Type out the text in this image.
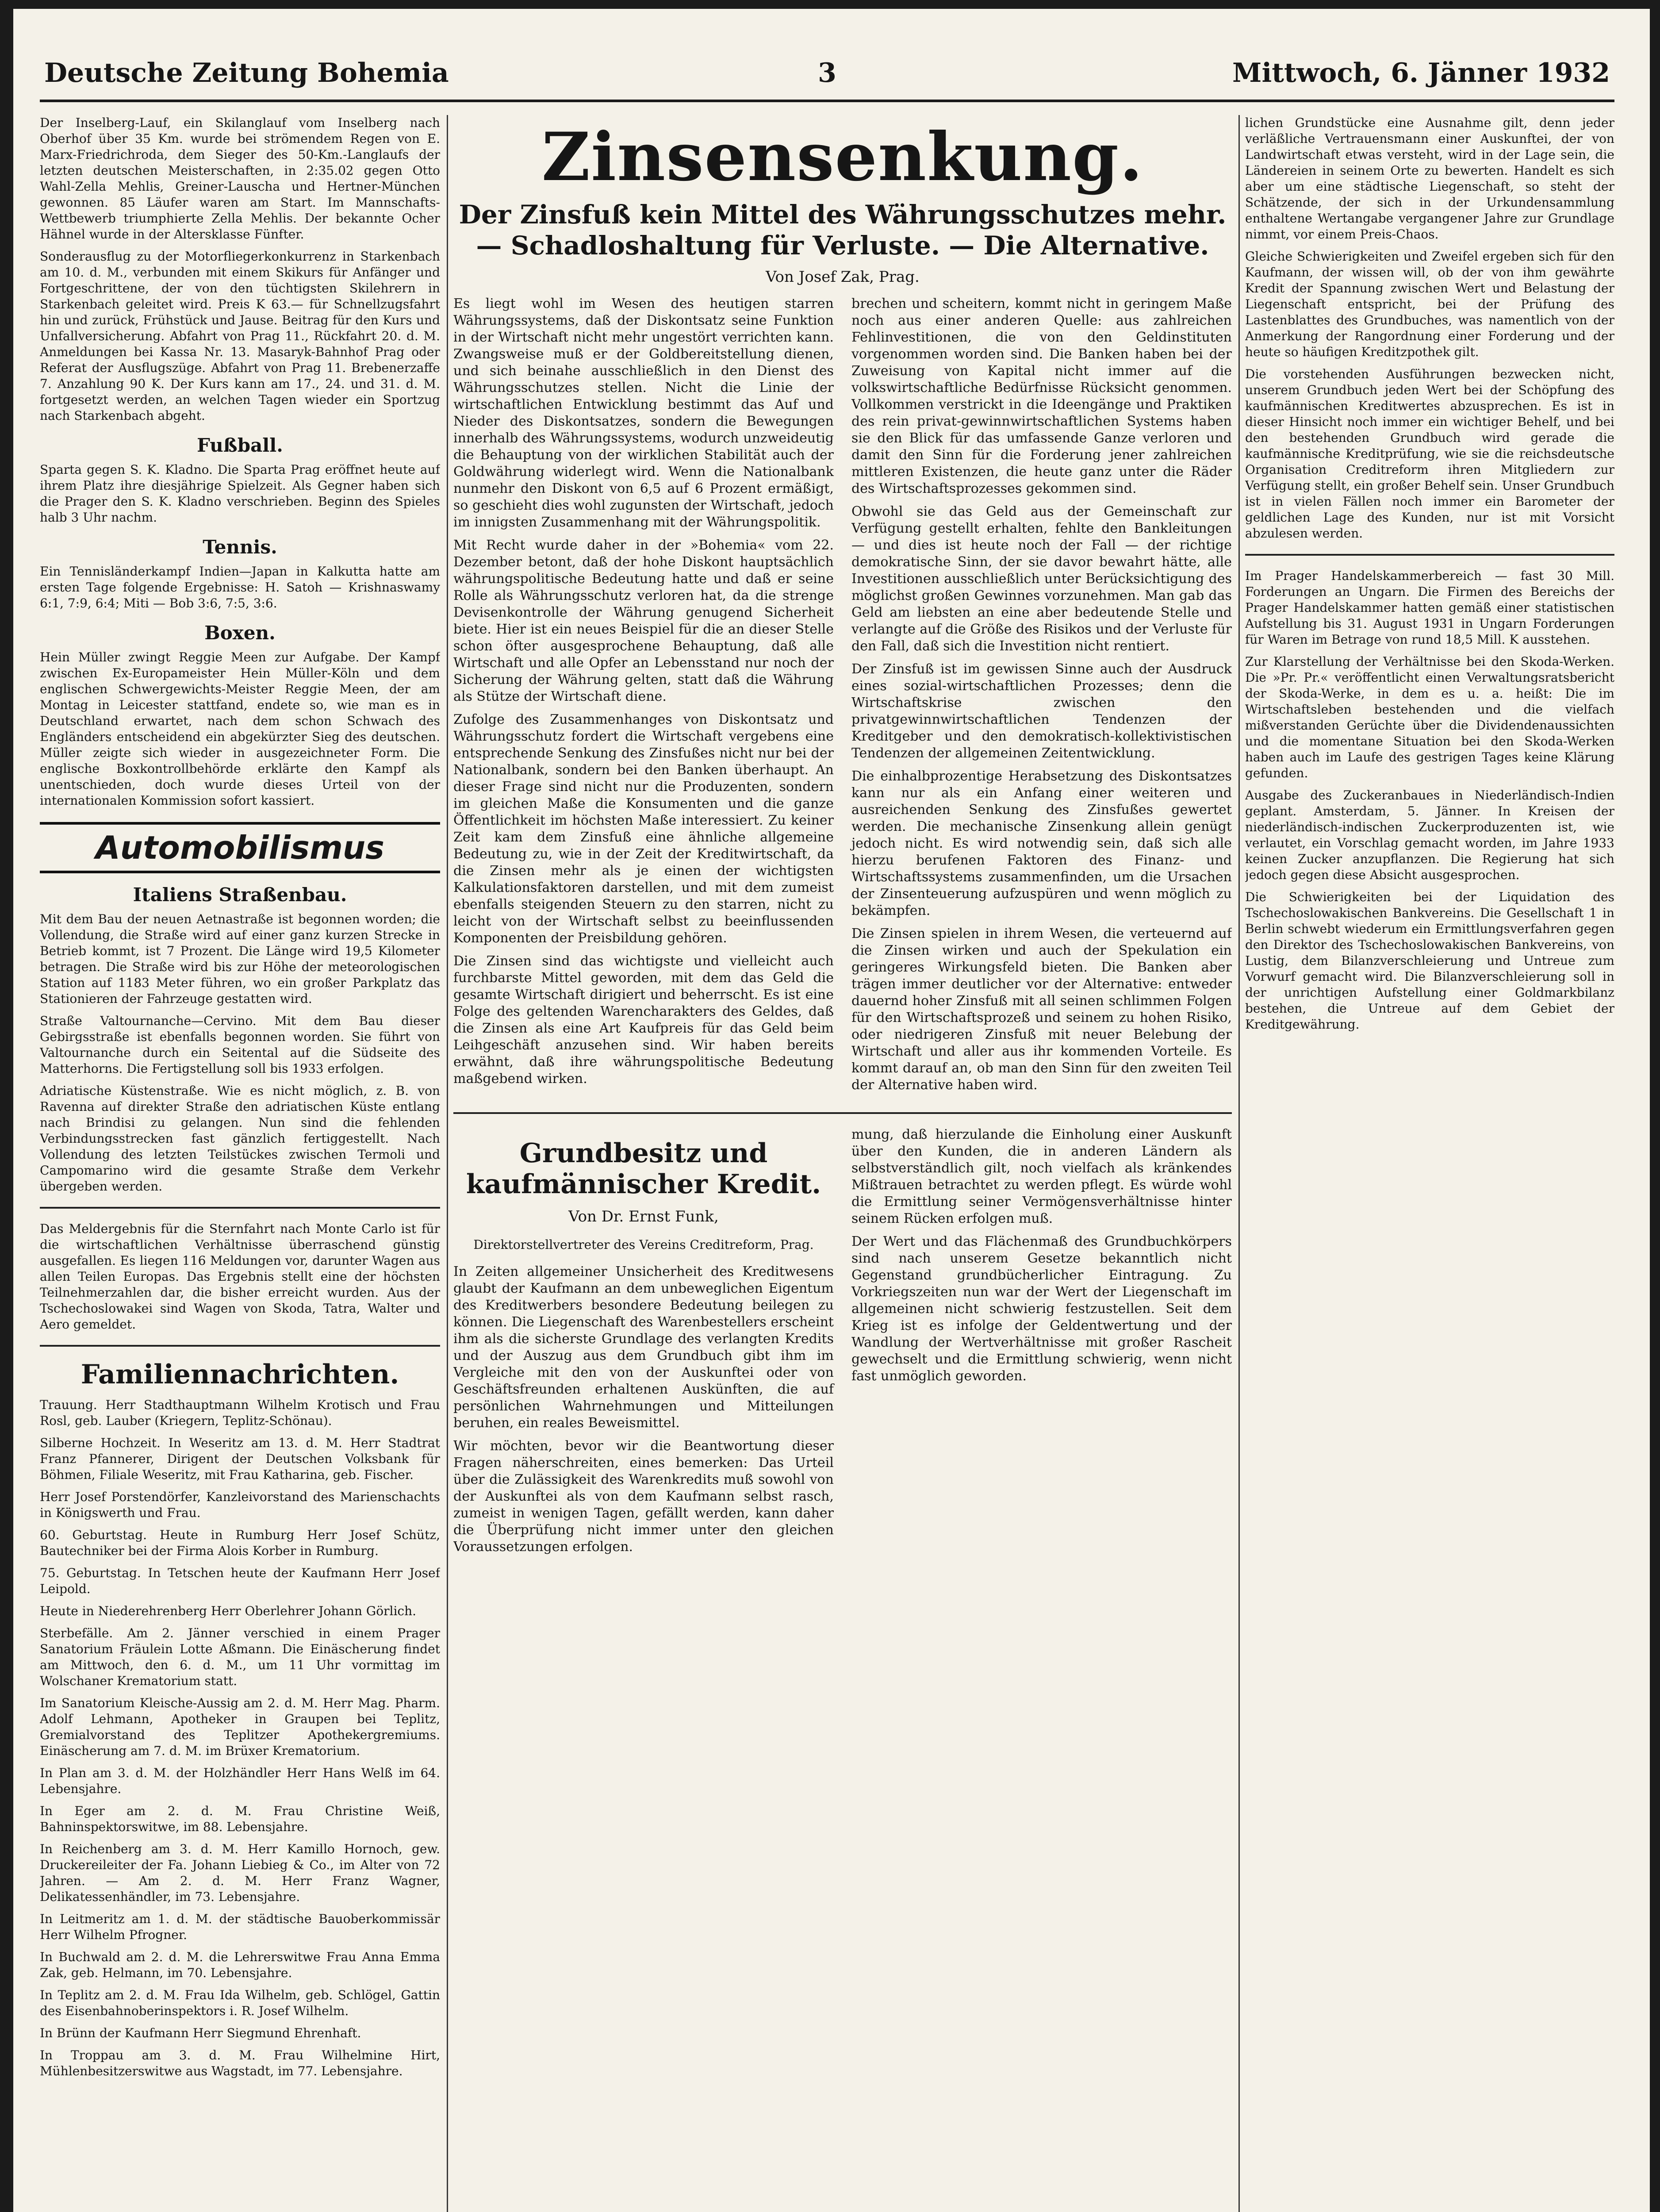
Deutsche Zeitung Bohemia	3	Mittwoch, 6. Jänner 1932

Der Inselberg-Lauf, ein Skilanglauf vom Inselberg nach Oberhof über 35 Km. wurde bei strömendem Regen von E. Marx-Friedrichroda, dem Sieger des 50-Km.-Langlaufs der letzten deutschen Meisterschaften, in 2:35.02 gegen Otto Wahl-Zella Mehlis, Greiner-Lauscha und Hertner-München gewonnen. 85 Läufer waren am Start. Im Mannschafts-Wettbewerb triumphierte Zella Mehlis. Der bekannte Ocher Hähnel wurde in der Altersklasse Fünfter.

Sonderausflug zu der Motorfliegerkonkurrenz in Starkenbach am 10. d. M., verbunden mit einem Skikurs für Anfänger und Fortgeschrittene, der von den tüchtigsten Skilehrern in Starkenbach geleitet wird. Preis K 63.— für Schnellzugsfahrt hin und zurück, Frühstück und Jause. Beitrag für den Kurs und Unfallversicherung. Abfahrt von Prag 11., Rückfahrt 20. d. M. Anmeldungen bei Kassa Nr. 13. Masaryk-Bahnhof Prag oder Referat der Ausflugszüge. Abfahrt von Prag 11. Brebenerzaffe 7. Anzahlung 90 K. Der Kurs kann am 17., 24. und 31. d. M. fortgesetzt werden, an welchen Tagen wieder ein Sportzug nach Starkenbach abgeht.

Fußball.

Sparta gegen S. K. Kladno. Die Sparta Prag eröffnet heute auf ihrem Platz ihre diesjährige Spielzeit. Als Gegner haben sich die Prager den S. K. Kladno verschrieben. Beginn des Spieles halb 3 Uhr nachm.

Tennis.

Ein Tennisländerkampf Indien—Japan in Kalkutta hatte am ersten Tage folgende Ergebnisse: H. Satoh — Krishnaswamy 6:1, 7:9, 6:4; Miti — Bob 3:6, 7:5, 3:6.

Boxen.

Hein Müller zwingt Reggie Meen zur Aufgabe. Der Kampf zwischen Ex-Europameister Hein Müller-Köln und dem englischen Schwergewichts-Meister Reggie Meen, der am Montag in Leicester stattfand, endete so, wie man es in Deutschland erwartet, nach dem schon Schwach des Engländers entscheidend ein abgekürzter Sieg des deutschen. Müller zeigte sich wieder in ausgezeichneter Form. Die englische Boxkontrollbehörde erklärte den Kampf als unentschieden, doch wurde dieses Urteil von der internationalen Kommission sofort kassiert.

Automobilismus
Italiens Straßenbau.

Mit dem Bau der neuen Aetnastraße ist begonnen worden; die Vollendung, die Straße wird auf einer ganz kurzen Strecke in Betrieb kommt, ist 7 Prozent. Die Länge wird 19,5 Kilometer betragen. Die Straße wird bis zur Höhe der meteorologischen Station auf 1183 Meter führen, wo ein großer Parkplatz das Stationieren der Fahrzeuge gestatten wird.

Straße Valtournanche—Cervino. Mit dem Bau dieser Gebirgsstraße ist ebenfalls begonnen worden. Sie führt von Valtournanche durch ein Seitental auf die Südseite des Matterhorns. Die Fertigstellung soll bis 1933 erfolgen.

Adriatische Küstenstraße. Wie es nicht möglich, z. B. von Ravenna auf direkter Straße den adriatischen Küste entlang nach Brindisi zu gelangen. Nun sind die fehlenden Verbindungsstrecken fast gänzlich fertiggestellt. Nach Vollendung des letzten Teilstückes zwischen Termoli und Campomarino wird die gesamte Straße dem Verkehr übergeben werden.

Das Meldergebnis für die Sternfahrt nach Monte Carlo ist für die wirtschaftlichen Verhältnisse überraschend günstig ausgefallen. Es liegen 116 Meldungen vor, darunter Wagen aus allen Teilen Europas. Das Ergebnis stellt eine der höchsten Teilnehmerzahlen dar, die bisher erreicht wurden. Aus der Tschechoslowakei sind Wagen von Skoda, Tatra, Walter und Aero gemeldet.

Familiennachrichten.

Trauung. Herr Stadthauptmann Wilhelm Krotisch und Frau Rosl, geb. Lauber (Kriegern, Teplitz-Schönau).

Silberne Hochzeit. In Weseritz am 13. d. M. Herr Stadtrat Franz Pfannerer, Dirigent der Deutschen Volksbank für Böhmen, Filiale Weseritz, mit Frau Katharina, geb. Fischer.

Herr Josef Porstendörfer, Kanzleivorstand des Marienschachts in Königswerth und Frau.

60. Geburtstag. Heute in Rumburg Herr Josef Schütz, Bautechniker bei der Firma Alois Korber in Rumburg.

75. Geburtstag. In Tetschen heute der Kaufmann Herr Josef Leipold.

Heute in Niederehrenberg Herr Oberlehrer Johann Görlich.

Sterbefälle. Am 2. Jänner verschied in einem Prager Sanatorium Fräulein Lotte Aßmann. Die Einäscherung findet am Mittwoch, den 6. d. M., um 11 Uhr vormittag im Wolschaner Krematorium statt.

Im Sanatorium Kleische-Aussig am 2. d. M. Herr Mag. Pharm. Adolf Lehmann, Apotheker in Graupen bei Teplitz, Gremialvorstand des Teplitzer Apothekergremiums. Einäscherung am 7. d. M. im Brüxer Krematorium.

In Plan am 3. d. M. der Holzhändler Herr Hans Welß im 64. Lebensjahre.

In Eger am 2. d. M. Frau Christine Weiß, Bahninspektorswitwe, im 88. Lebensjahre.

In Reichenberg am 3. d. M. Herr Kamillo Hornoch, gew. Druckereileiter der Fa. Johann Liebieg & Co., im Alter von 72 Jahren. — Am 2. d. M. Herr Franz Wagner, Delikatessenhändler, im 73. Lebensjahre.

In Leitmeritz am 1. d. M. der städtische Bauoberkommissär Herr Wilhelm Pfrogner.

In Buchwald am 2. d. M. die Lehrerswitwe Frau Anna Emma Zak, geb. Helmann, im 70. Lebensjahre.

In Teplitz am 2. d. M. Frau Ida Wilhelm, geb. Schlögel, Gattin des Eisenbahnoberinspektors i. R. Josef Wilhelm.

In Brünn der Kaufmann Herr Siegmund Ehrenhaft.

In Troppau am 3. d. M. Frau Wilhelmine Hirt, Mühlenbesitzerswitwe aus Wagstadt, im 77. Lebensjahre.

Zinsensenkung.
Der Zinsfuß kein Mittel des Währungsschutzes mehr. — Schadloshaltung für Verluste. — Die Alternative.
Von Josef Zak, Prag.

Es liegt wohl im Wesen des heutigen starren Währungssystems, daß der Diskontsatz seine Funktion in der Wirtschaft nicht mehr ungestört verrichten kann. Zwangsweise muß er der Goldbereitstellung dienen, und sich beinahe ausschließlich in den Dienst des Währungsschutzes stellen. Nicht die Linie der wirtschaftlichen Entwicklung bestimmt das Auf und Nieder des Diskontsatzes, sondern die Bewegungen innerhalb des Währungssystems, wodurch unzweideutig die Behauptung von der wirklichen Stabilität auch der Goldwährung widerlegt wird. Wenn die Nationalbank nunmehr den Diskont von 6,5 auf 6 Prozent ermäßigt, so geschieht dies wohl zugunsten der Wirtschaft, jedoch im innigsten Zusammenhang mit der Währungspolitik.

Mit Recht wurde daher in der »Bohemia« vom 22. Dezember betont, daß der hohe Diskont hauptsächlich währungspolitische Bedeutung hatte und daß er seine Rolle als Währungsschutz verloren hat, da die strenge Devisenkontrolle der Währung genugend Sicherheit biete. Hier ist ein neues Beispiel für die an dieser Stelle schon öfter ausgesprochene Behauptung, daß alle Wirtschaft und alle Opfer an Lebensstand nur noch der Sicherung der Währung gelten, statt daß die Währung als Stütze der Wirtschaft diene.

Zufolge des Zusammenhanges von Diskontsatz und Währungsschutz fordert die Wirtschaft vergebens eine entsprechende Senkung des Zinsfußes nicht nur bei der Nationalbank, sondern bei den Banken überhaupt. An dieser Frage sind nicht nur die Produzenten, sondern im gleichen Maße die Konsumenten und die ganze Öffentlichkeit im höchsten Maße interessiert. Zu keiner Zeit kam dem Zinsfuß eine ähnliche allgemeine Bedeutung zu, wie in der Zeit der Kreditwirtschaft, da die Zinsen mehr als je einen der wichtigsten Kalkulationsfaktoren darstellen, und mit dem zumeist ebenfalls steigenden Steuern zu den starren, nicht zu leicht von der Wirtschaft selbst zu beeinflussenden Komponenten der Preisbildung gehören.

Die Zinsen sind das wichtigste und vielleicht auch furchbarste Mittel geworden, mit dem das Geld die gesamte Wirtschaft dirigiert und beherrscht. Es ist eine Folge des geltenden Warencharakters des Geldes, daß die Zinsen als eine Art Kaufpreis für das Geld beim Leihgeschäft anzusehen sind. Wir haben bereits erwähnt, daß ihre währungspolitische Bedeutung maßgebend wirken.

brechen und scheitern, kommt nicht in geringem Maße noch aus einer anderen Quelle: aus zahlreichen Fehlinvestitionen, die von den Geldinstituten vorgenommen worden sind. Die Banken haben bei der Zuweisung von Kapital nicht immer auf die volkswirtschaftliche Bedürfnisse Rücksicht genommen. Vollkommen verstrickt in die Ideengänge und Praktiken des rein privat-gewinnwirtschaftlichen Systems haben sie den Blick für das umfassende Ganze verloren und damit den Sinn für die Forderung jener zahlreichen mittleren Existenzen, die heute ganz unter die Räder des Wirtschaftsprozesses gekommen sind.

Obwohl sie das Geld aus der Gemeinschaft zur Verfügung gestellt erhalten, fehlte den Bankleitungen — und dies ist heute noch der Fall — der richtige demokratische Sinn, der sie davor bewahrt hätte, alle Investitionen ausschließlich unter Berücksichtigung des möglichst großen Gewinnes vorzunehmen. Man gab das Geld am liebsten an eine aber bedeutende Stelle und verlangte auf die Größe des Risikos und der Verluste für den Fall, daß sich die Investition nicht rentiert.

Der Zinsfuß ist im gewissen Sinne auch der Ausdruck eines sozial-wirtschaftlichen Prozesses; denn die Wirtschaftskrise zwischen den privatgewinnwirtschaftlichen Tendenzen der Kreditgeber und den demokratisch-kollektivistischen Tendenzen der allgemeinen Zeitentwicklung.

Die einhalbprozentige Herabsetzung des Diskontsatzes kann nur als ein Anfang einer weiteren und ausreichenden Senkung des Zinsfußes gewertet werden. Die mechanische Zinsenkung allein genügt jedoch nicht. Es wird notwendig sein, daß sich alle hierzu berufenen Faktoren des Finanz- und Wirtschaftssystems zusammenfinden, um die Ursachen der Zinsenteuerung aufzuspüren und wenn möglich zu bekämpfen.

Die Zinsen spielen in ihrem Wesen, die verteuernd auf die Zinsen wirken und auch der Spekulation ein geringeres Wirkungsfeld bieten. Die Banken aber trägen immer deutlicher vor der Alternative: entweder dauernd hoher Zinsfuß mit all seinen schlimmen Folgen für den Wirtschaftsprozeß und seinem zu hohen Risiko, oder niedrigeren Zinsfuß mit neuer Belebung der Wirtschaft und aller aus ihr kommenden Vorteile. Es kommt darauf an, ob man den Sinn für den zweiten Teil der Alternative haben wird.

Grundbesitz und kaufmännischer Kredit.
Von Dr. Ernst Funk,
Direktorstellvertreter des Vereins Creditreform, Prag.

In Zeiten allgemeiner Unsicherheit des Kreditwesens glaubt der Kaufmann an dem unbeweglichen Eigentum des Kreditwerbers besondere Bedeutung beilegen zu können. Die Liegenschaft des Warenbestellers erscheint ihm als die sicherste Grundlage des verlangten Kredits und der Auszug aus dem Grundbuch gibt ihm im Vergleiche mit den von der Auskunftei oder von Geschäftsfreunden erhaltenen Auskünften, die auf persönlichen Wahrnehmungen und Mitteilungen beruhen, ein reales Beweismittel.

Wir möchten, bevor wir die Beantwortung dieser Fragen näherschreiten, eines bemerken: Das Urteil über die Zulässigkeit des Warenkredits muß sowohl von der Auskunftei als von dem Kaufmann selbst rasch, zumeist in wenigen Tagen, gefällt werden, kann daher die Überprüfung nicht immer unter den gleichen Voraussetzungen erfolgen.

mung, daß hierzulande die Einholung einer Auskunft über den Kunden, die in anderen Ländern als selbstverständlich gilt, noch vielfach als kränkendes Mißtrauen betrachtet zu werden pflegt. Es würde wohl die Ermittlung seiner Vermögensverhältnisse hinter seinem Rücken erfolgen muß.

Der Wert und das Flächenmaß des Grundbuchkörpers sind nach unserem Gesetze bekanntlich nicht Gegenstand grundbücherlicher Eintragung. Zu Vorkriegszeiten nun war der Wert der Liegenschaft im allgemeinen nicht schwierig festzustellen. Seit dem Krieg ist es infolge der Geldentwertung und der Wandlung der Wertverhältnisse mit großer Rascheit gewechselt und die Ermittlung schwierig, wenn nicht fast unmöglich geworden.

lichen Grundstücke eine Ausnahme gilt, denn jeder verläßliche Vertrauensmann einer Auskunftei, der von Landwirtschaft etwas versteht, wird in der Lage sein, die Ländereien in seinem Orte zu bewerten. Handelt es sich aber um eine städtische Liegenschaft, so steht der Schätzende, der sich in der Urkundensammlung enthaltene Wertangabe vergangener Jahre zur Grundlage nimmt, vor einem Preis-Chaos.

Gleiche Schwierigkeiten und Zweifel ergeben sich für den Kaufmann, der wissen will, ob der von ihm gewährte Kredit der Spannung zwischen Wert und Belastung der Liegenschaft entspricht, bei der Prüfung des Lastenblattes des Grundbuches, was namentlich von der Anmerkung der Rangordnung einer Forderung und der heute so häufigen Kreditzpothek gilt.

Die vorstehenden Ausführungen bezwecken nicht, unserem Grundbuch jeden Wert bei der Schöpfung des kaufmännischen Kreditwertes abzusprechen. Es ist in dieser Hinsicht noch immer ein wichtiger Behelf, und bei den bestehenden Grundbuch wird gerade die kaufmännische Kreditprüfung, wie sie die reichsdeutsche Organisation Creditreform ihren Mitgliedern zur Verfügung stellt, ein großer Behelf sein. Unser Grundbuch ist in vielen Fällen noch immer ein Barometer der geldlichen Lage des Kunden, nur ist mit Vorsicht abzulesen werden.

Im Prager Handelskammerbereich — fast 30 Mill. Forderungen an Ungarn. Die Firmen des Bereichs der Prager Handelskammer hatten gemäß einer statistischen Aufstellung bis 31. August 1931 in Ungarn Forderungen für Waren im Betrage von rund 18,5 Mill. K ausstehen.

Zur Klarstellung der Verhältnisse bei den Skoda-Werken. Die »Pr. Pr.« veröffentlicht einen Verwaltungsratsbericht der Skoda-Werke, in dem es u. a. heißt: Die im Wirtschaftsleben bestehenden und die vielfach mißverstanden Gerüchte über die Dividendenaussichten und die momentane Situation bei den Skoda-Werken haben auch im Laufe des gestrigen Tages keine Klärung gefunden.

Ausgabe des Zuckeranbaues in Niederländisch-Indien geplant. Amsterdam, 5. Jänner. In Kreisen der niederländisch-indischen Zuckerproduzenten ist, wie verlautet, ein Vorschlag gemacht worden, im Jahre 1933 keinen Zucker anzupflanzen. Die Regierung hat sich jedoch gegen diese Absicht ausgesprochen.

Die Schwierigkeiten bei der Liquidation des Tschechoslowakischen Bankvereins. Die Gesellschaft 1 in Berlin schwebt wiederum ein Ermittlungsverfahren gegen den Direktor des Tschechoslowakischen Bankvereins, von Lustig, dem Bilanzverschleierung und Untreue zum Vorwurf gemacht wird. Die Bilanzverschleierung soll in der unrichtigen Aufstellung einer Goldmarkbilanz bestehen, die Untreue auf dem Gebiet der Kreditgewährung.
